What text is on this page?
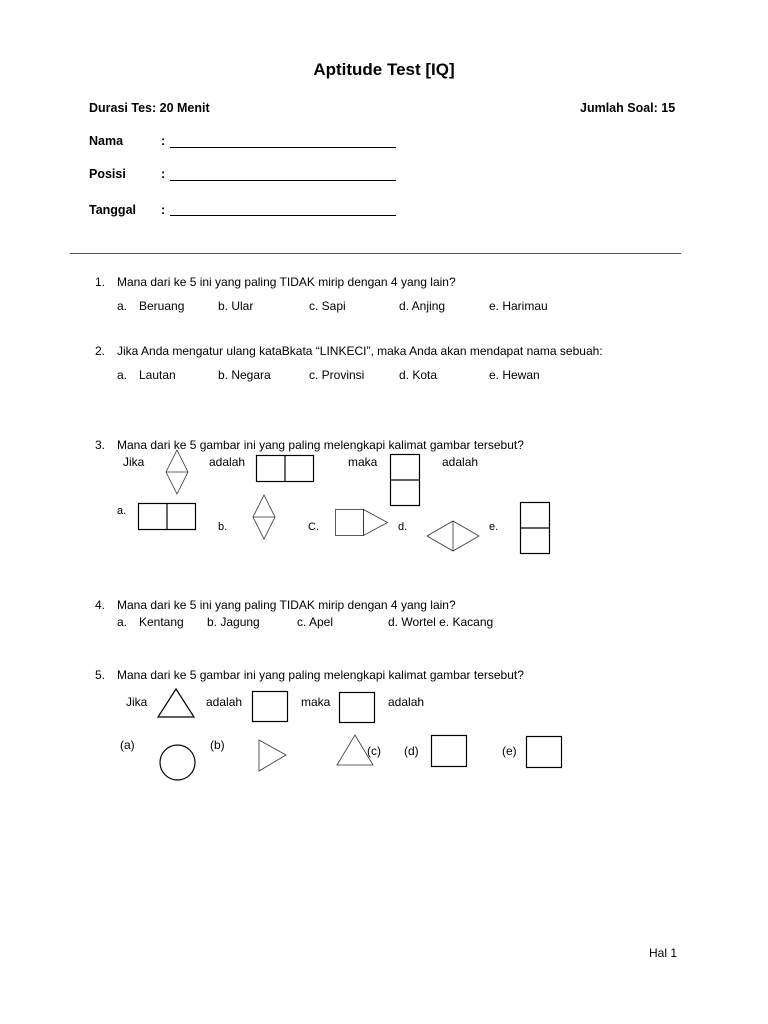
Aptitude Test [IQ]
Durasi Tes: 20 Menit	Jumlah Soal: 15
Nama	:
Posisi	:
Tanggal :
1. Mana dari ke 5 ini yang paling TIDAK mirip dengan 4 yang lain?
a. Beruang	b. Ular	c. Sapi	d. Anjing	e. Harimau
2. Jika Anda mengatur ulang kataBkata “LINKECI”, maka Anda akan mendapat nama sebuah:
a. Lautan	b. Negara	c. Provinsi	d. Kota	e. Hewan
3. Mana dari ke 5 gambar ini yang paling melengkapi kalimat gambar tersebut?
Jika	adalah	maka	adalah
a.
b.	C.	d.	e.
4. Mana dari ke 5 ini yang paling TIDAK mirip dengan 4 yang lain?
a. Kentang b. Jagung	c. Apel	d. Wortel e. Kacang
5. Mana dari ke 5 gambar ini yang paling melengkapi kalimat gambar tersebut?
Jika	adalah	maka	adalah
(a)	(b)	(c) (d)	(e)
Hal 1
